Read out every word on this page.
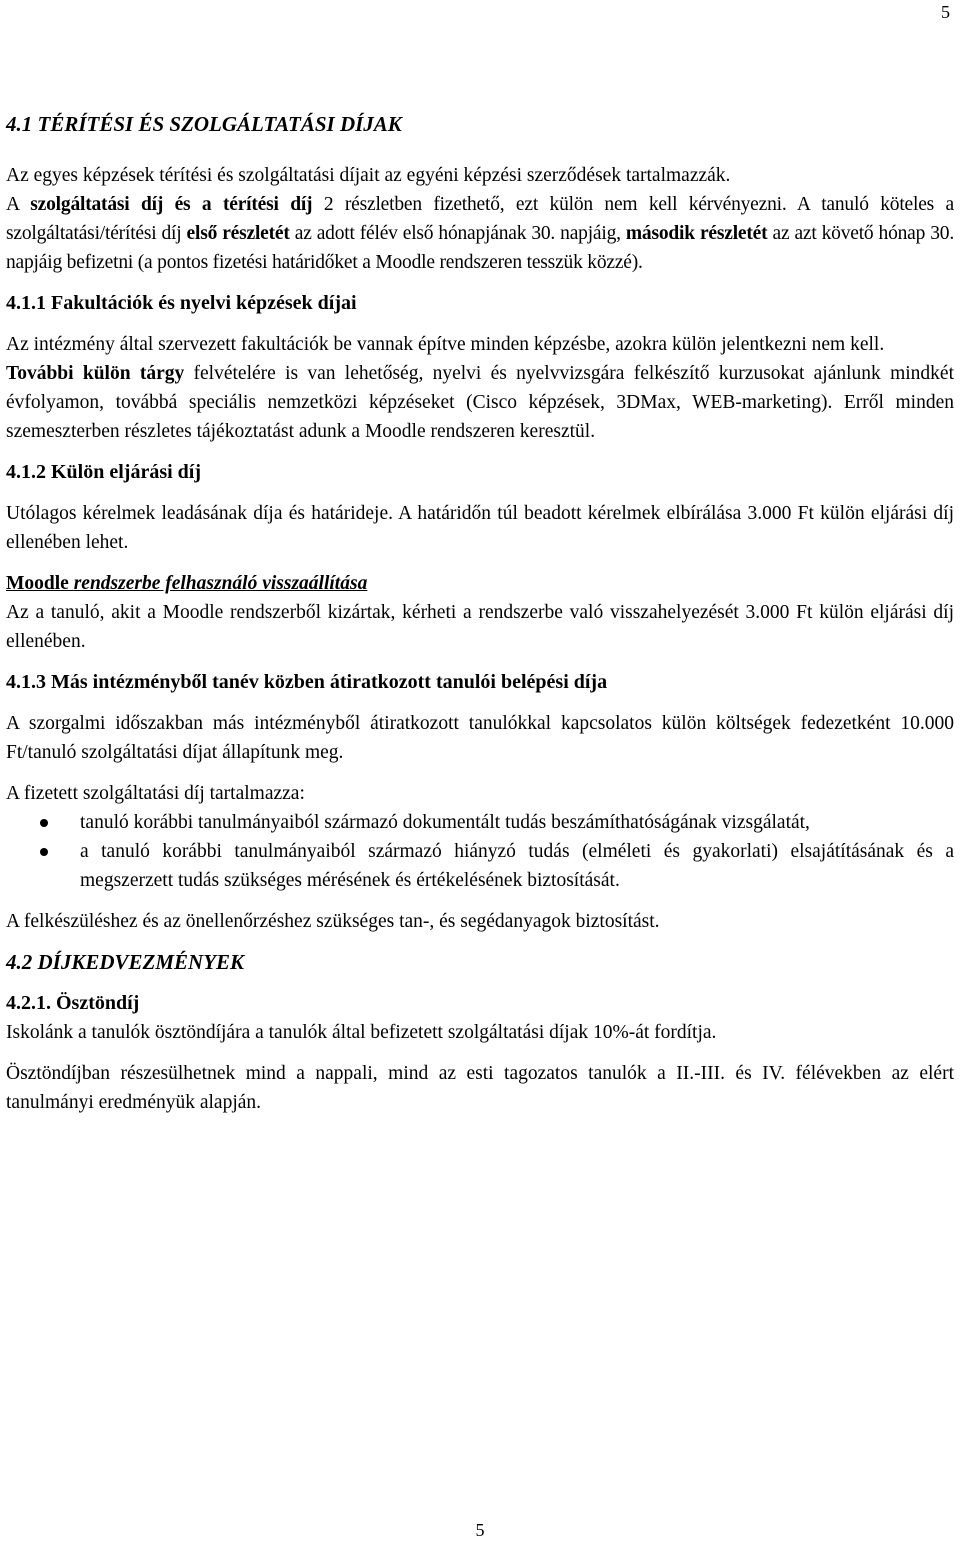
5
4.1 TÉRÍTÉSI ÉS SZOLGÁLTATÁSI DÍJAK

Az egyes képzések térítési és szolgáltatási díjait az egyéni képzési szerződések tartalmazzák.

A szolgáltatási díj és a térítési díj 2 részletben fizethető, ezt külön nem kell kérvényezni. A tanuló köteles a szolgáltatási/térítési díj első részletét az adott félév első hónapjának 30. napjáig, második részletét az azt követő hónap 30. napjáig befizetni (a pontos fizetési határidőket a Moodle rendszeren tesszük közzé).

4.1.1 Fakultációk és nyelvi képzések díjai

Az intézmény által szervezett fakultációk be vannak építve minden képzésbe, azokra külön jelentkezni nem kell.

További külön tárgy felvételére is van lehetőség, nyelvi és nyelvvizsgára felkészítő kurzusokat ajánlunk mindkét évfolyamon, továbbá speciális nemzetközi képzéseket (Cisco képzések, 3DMax, WEB-marketing). Erről minden szemeszterben részletes tájékoztatást adunk a Moodle rendszeren keresztül.

4.1.2 Külön eljárási díj

Utólagos kérelmek leadásának díja és határideje. A határidőn túl beadott kérelmek elbírálása 3.000 Ft külön eljárási díj ellenében lehet.

Moodle rendszerbe felhasználó visszaállítása

Az a tanuló, akit a Moodle rendszerből kizártak, kérheti a rendszerbe való visszahelyezését 3.000 Ft külön eljárási díj ellenében.

4.1.3 Más intézményből tanév közben átiratkozott tanulói belépési díja

A szorgalmi időszakban más intézményből átiratkozott tanulókkal kapcsolatos külön költségek fedezetként 10.000 Ft/tanuló szolgáltatási díjat állapítunk meg.

A fizetett szolgáltatási díj tartalmazza:

tanuló korábbi tanulmányaiból származó dokumentált tudás beszámíthatóságának vizsgálatát,
a tanuló korábbi tanulmányaiból származó hiányzó tudás (elméleti és gyakorlati) elsajátításának és a megszerzett tudás szükséges mérésének és értékelésének biztosítását.

A felkészüléshez és az önellenőrzéshez szükséges tan-, és segédanyagok biztosítást.

4.2 DÍJKEDVEZMÉNYEK
4.2.1. Ösztöndíj

Iskolánk a tanulók ösztöndíjára a tanulók által befizetett szolgáltatási díjak 10%-át fordítja.

Ösztöndíjban részesülhetnek mind a nappali, mind az esti tagozatos tanulók a II.-III. és IV. félévekben az elért tanulmányi eredményük alapján.

5
